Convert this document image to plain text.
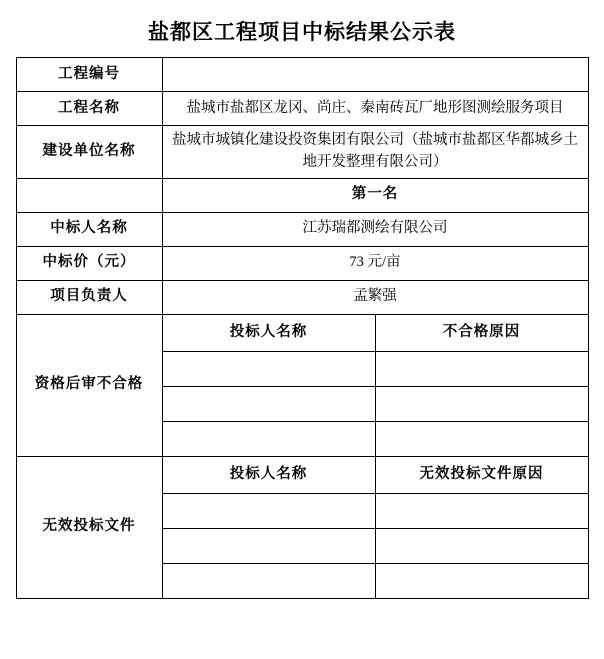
盐都区工程项目中标结果公示表
工程编号	
工程名称	盐城市盐都区龙冈、尚庄、秦南砖瓦厂地形图测绘服务项目
建设单位名称	盐城市城镇化建设投资集团有限公司（盐城市盐都区华都城乡土地开发整理有限公司）
	第一名
中标人名称	江苏瑞都测绘有限公司
中标价（元）	73 元/亩
项目负责人	孟繁强
资格后审不合格	
投标人名称	不合格原因

无效投标文件	
投标人名称	无效投标文件原因
